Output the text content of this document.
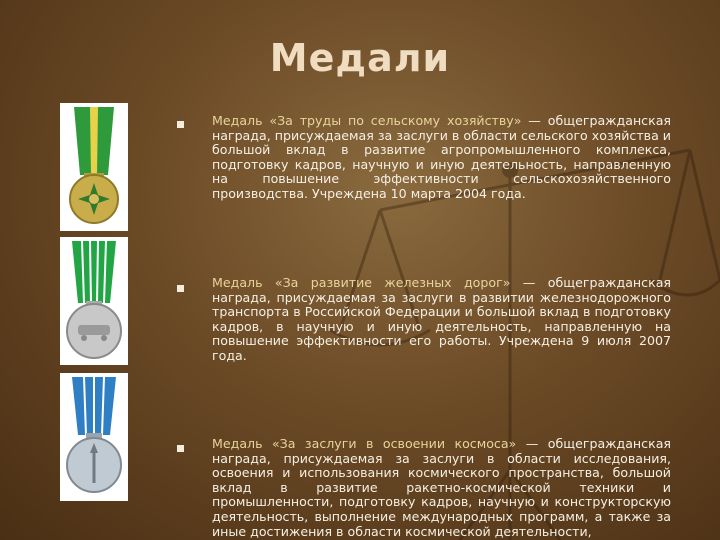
Медали
Медаль «За труды по сельскому хозяйству» — общегражданская награда, присуждаемая за заслуги в области сельского хозяйства и большой вклад в развитие агропромышленного комплекса, подготовку кадров, научную и иную деятельность, направленную на повышение эффективности сельскохозяйственного производства. Учреждена 10 марта 2004 года.
Медаль «За развитие железных дорог» — общегражданская награда, присуждаемая за заслуги в развитии железнодорожного транспорта в Российской Федерации и большой вклад в подготовку кадров, в научную и иную деятельность, направленную на повышение эффективности его работы. Учреждена 9 июля 2007 года.
Медаль «За заслуги в освоении космоса» — общегражданская награда, присуждаемая за заслуги в области исследования, освоения и использования космического пространства, большой вклад в развитие ракетно-космической техники и промышленности, подготовку кадров, научную и конструкторскую деятельность, выполнение международных программ, а также за иные достижения в области космической деятельности,
